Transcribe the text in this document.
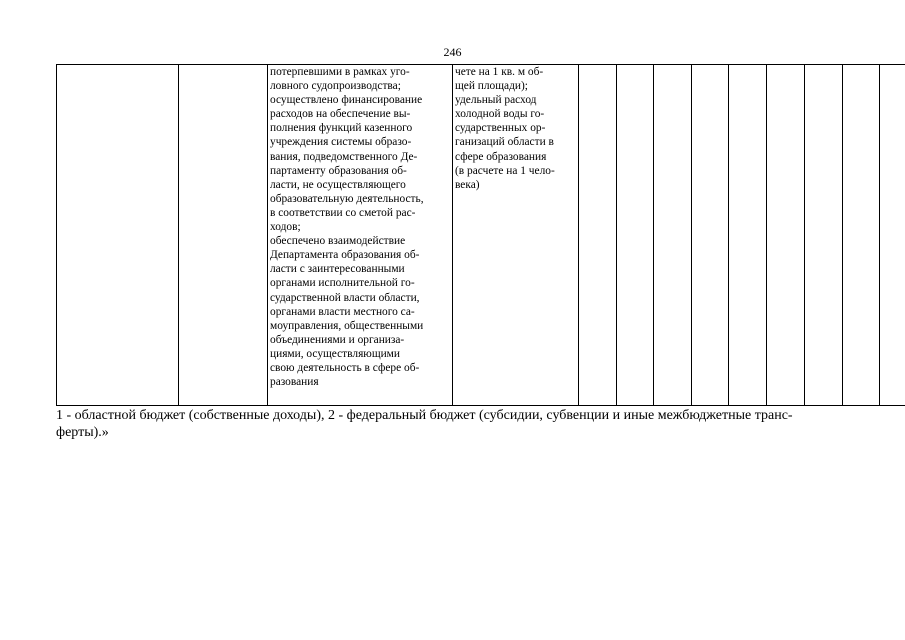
246

потерпевшими в рамках уго-
ловного судопроизводства;
осуществлено финансирование
расходов на обеспечение вы-
полнения функций казенного
учреждения системы образо-
вания, подведомственного Де-
партаменту образования об-
ласти, не осуществляющего
образовательную деятельность,
в соответствии со сметой рас-
ходов;
обеспечено взаимодействие
Департамента образования об-
ласти с заинтересованными
органами исполнительной го-
сударственной власти области,
органами власти местного са-
моуправления, общественными
объединениями и организа-
циями, осуществляющими
свою деятельность в сфере об-
разования

чете на 1 кв. м об-
щей площади);
удельный расход
холодной воды го-
сударственных ор-
ганизаций области в
сфере образования
(в расчете на 1 чело-
века)

1 - областной бюджет (собственные доходы), 2 - федеральный бюджет (субсидии, субвенции и иные межбюджетные транс-
ферты).»
